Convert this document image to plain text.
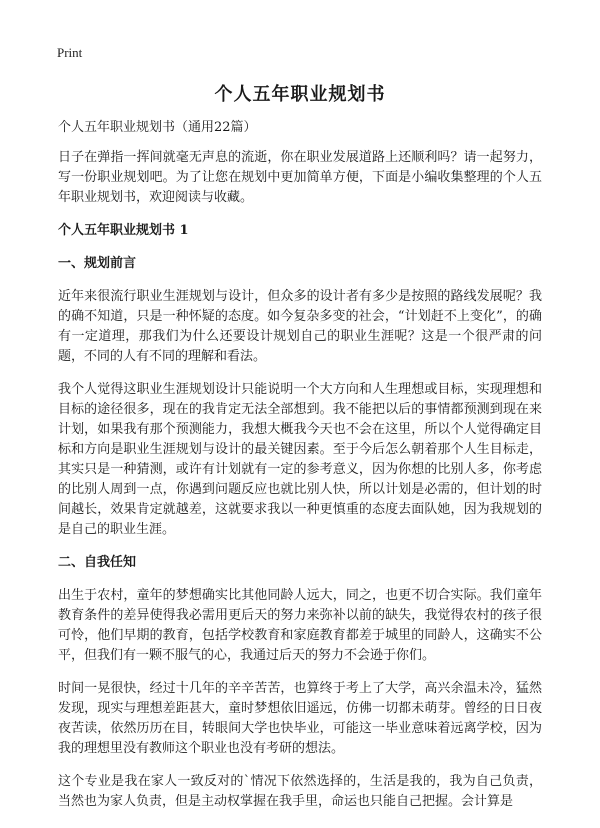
Print
个人五年职业规划书

个人五年职业规划书（通用22篇）

日子在弹指一挥间就毫无声息的流逝，你在职业发展道路上还顺利吗？请一起努力，写一份职业规划吧。为了让您在规划中更加简单方便，下面是小编收集整理的个人五年职业规划书，欢迎阅读与收藏。

个人五年职业规划书 1

一、规划前言

近年来很流行职业生涯规划与设计，但众多的设计者有多少是按照的路线发展呢？我的确不知道，只是一种怀疑的态度。如今复杂多变的社会，“计划赶不上变化”，的确有一定道理，那我们为什么还要设计规划自己的职业生涯呢？这是一个很严肃的问题，不同的人有不同的理解和看法。

我个人觉得这职业生涯规划设计只能说明一个大方向和人生理想或目标，实现理想和目标的途径很多，现在的我肯定无法全部想到。我不能把以后的事情都预测到现在来计划，如果我有那个预测能力，我想大概我今天也不会在这里，所以个人觉得确定目标和方向是职业生涯规划与设计的最关键因素。至于今后怎么朝着那个人生目标走，其实只是一种猜测，或许有计划就有一定的参考意义，因为你想的比别人多，你考虑的比别人周到一点，你遇到问题反应也就比别人快，所以计划是必需的，但计划的时间越长，效果肯定就越差，这就要求我以一种更慎重的态度去面队她，因为我规划的是自己的职业生涯。

二、自我任知

出生于农村，童年的梦想确实比其他同龄人远大，同之，也更不切合实际。我们童年教育条件的差异使得我必需用更后天的努力来弥补以前的缺失，我觉得农村的孩子很可怜，他们早期的教育，包括学校教育和家庭教育都差于城里的同龄人，这确实不公平，但我们有一颗不服气的心，我通过后天的努力不会逊于你们。

时间一晃很快，经过十几年的辛辛苦苦，也算终于考上了大学，高兴余温未冷，猛然发现，现实与理想差距甚大，童时梦想依旧遥远，仿佛一切都未萌芽。曾经的日日夜夜苦读，依然历历在目，转眼间大学也快毕业，可能这一毕业意味着远离学校，因为我的理想里没有教师这个职业也没有考研的想法。

这个专业是我在家人一致反对的`情况下依然选择的，生活是我的，我为自己负责，当然也为家人负责，但是主动权掌握在我手里，命运也只能自己把握。会计算是
